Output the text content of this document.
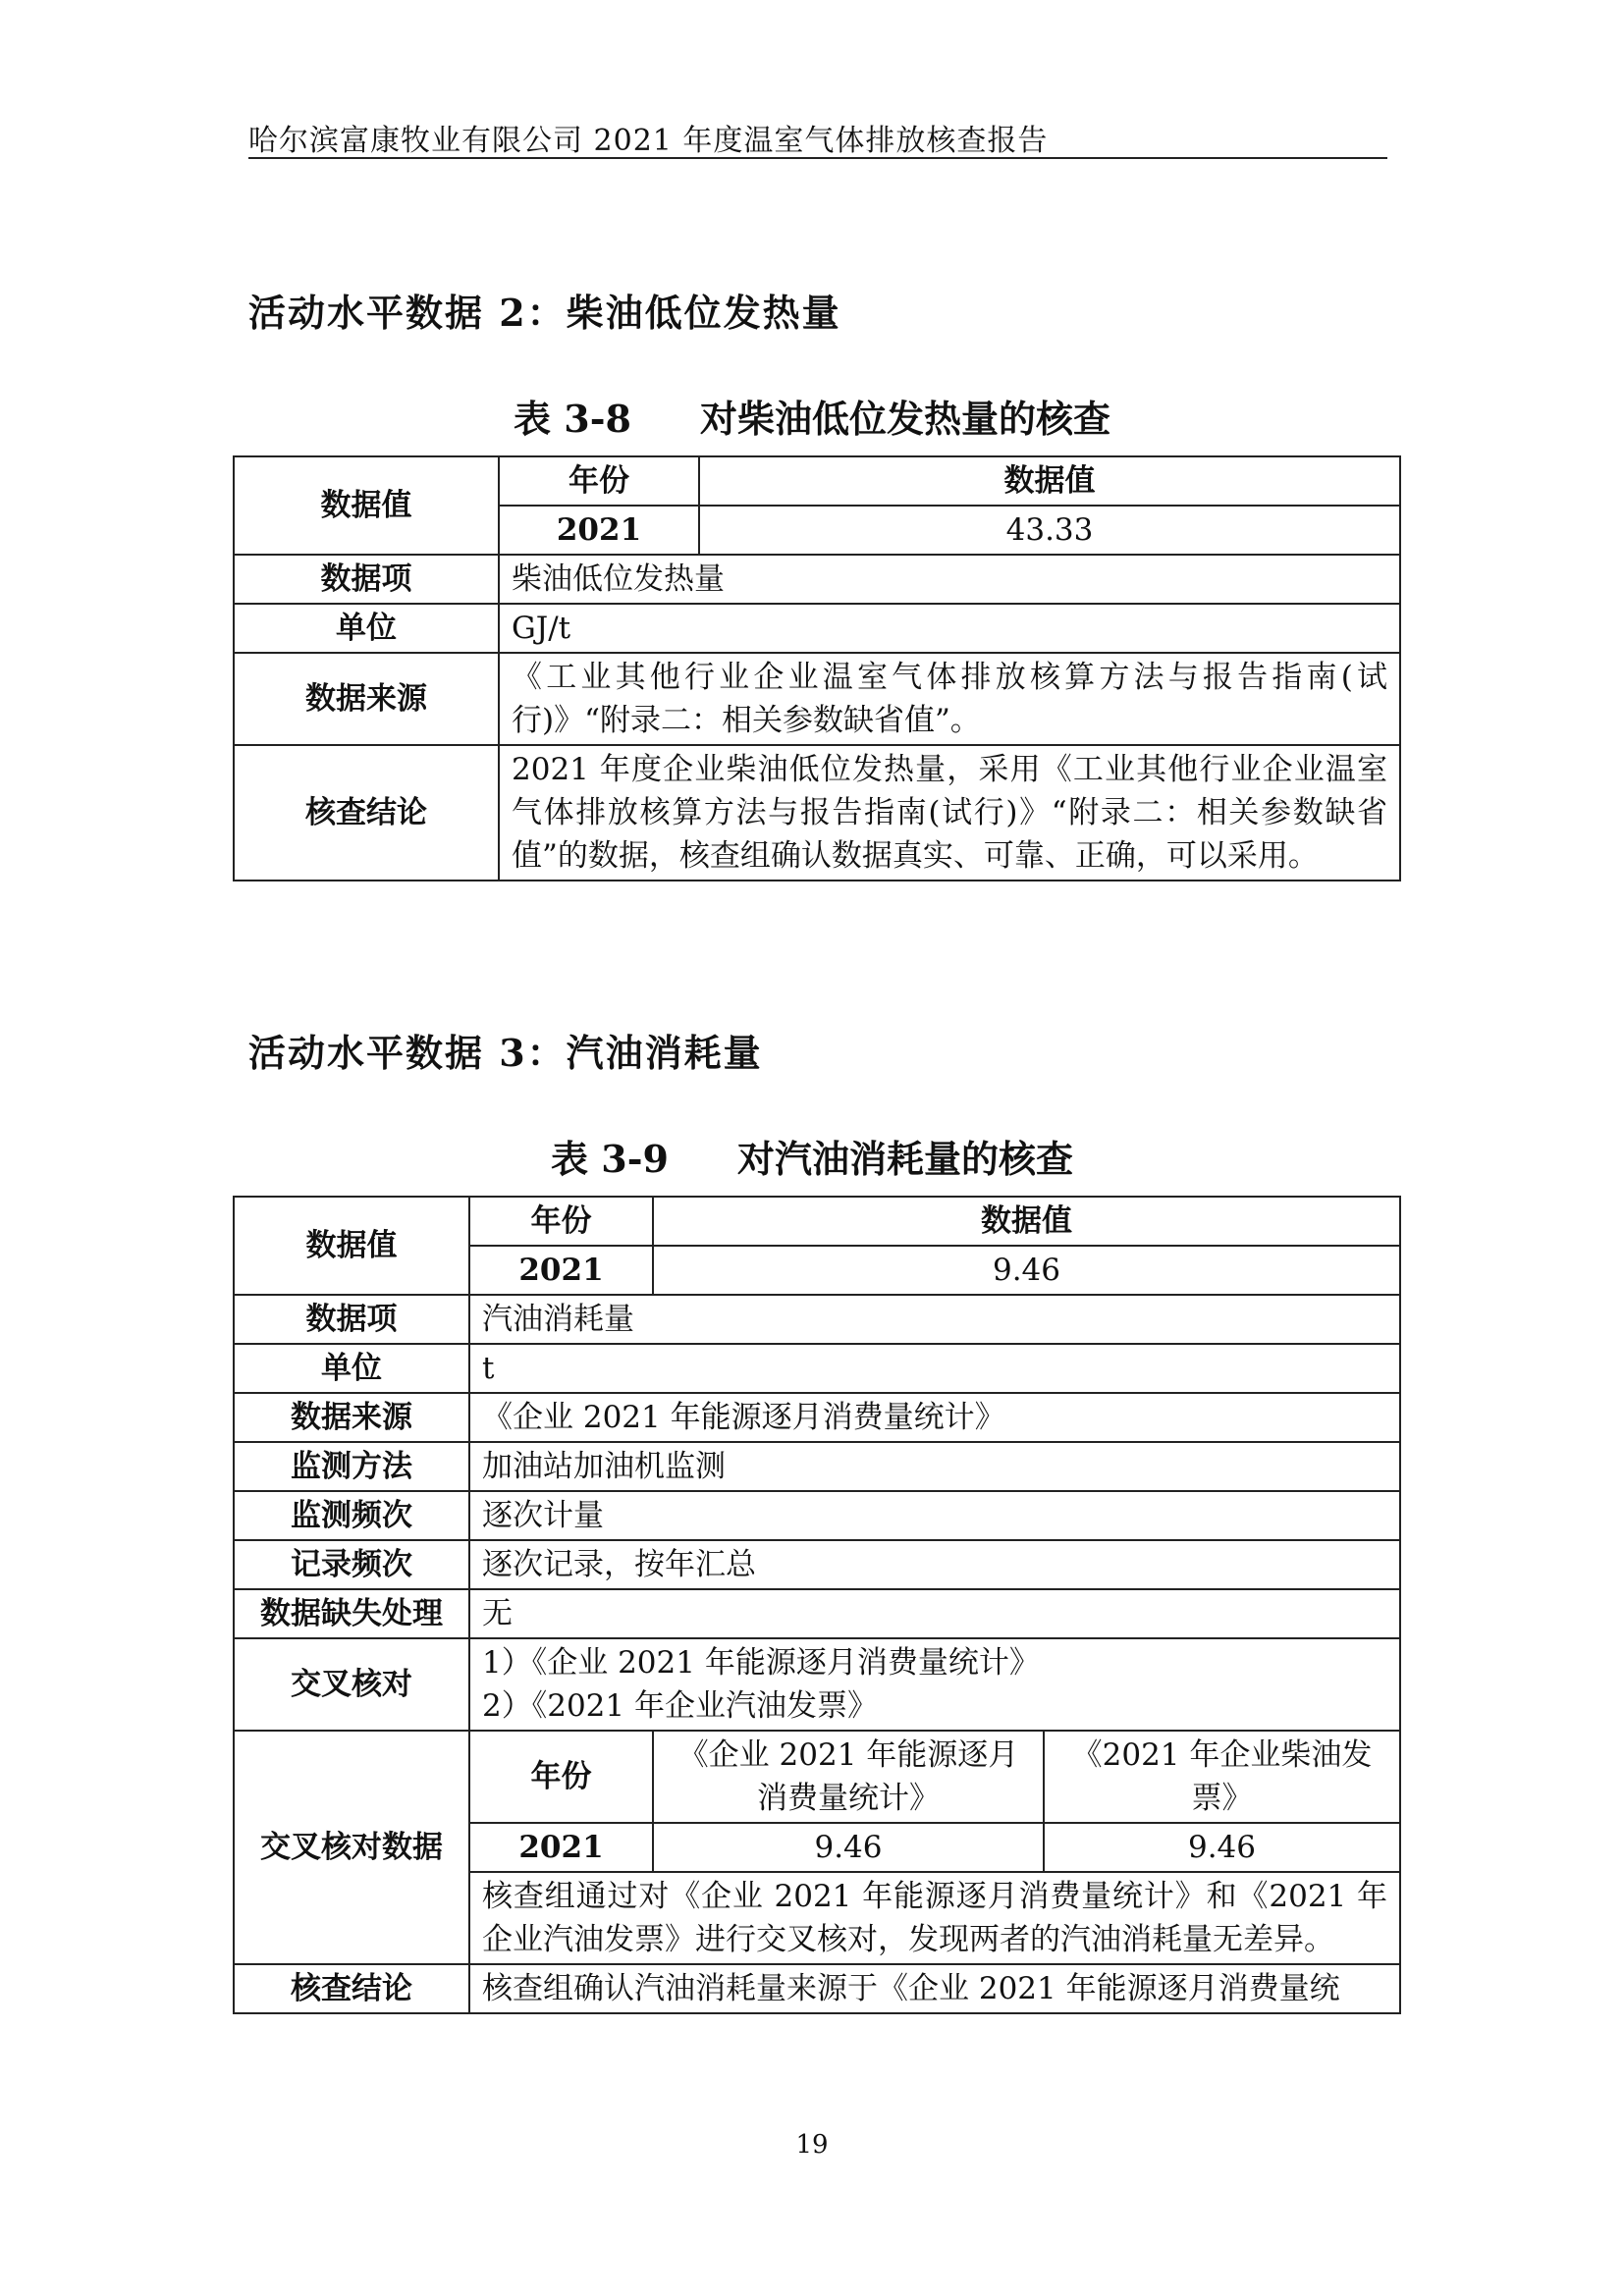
哈尔滨富康牧业有限公司 2021 年度温室气体排放核查报告
活动水平数据 2：柴油低位发热量
表 3-8 对柴油低位发热量的核查
数据值	年份	数据值
	2021	43.33
数据项	柴油低位发热量	
单位	GJ/t	
数据来源	《工业其他行业企业温室气体排放核算方法与报告指南(试行)》“附录二：相关参数缺省值”。	
核查结论	2021 年度企业柴油低位发热量，采用《工业其他行业企业温室气体排放核算方法与报告指南(试行)》“附录二：相关参数缺省值”的数据，核查组确认数据真实、可靠、正确，可以采用。	
活动水平数据 3：汽油消耗量
表 3-9 对汽油消耗量的核查
数据值	年份	数据值	
	2021	9.46	
数据项	汽油消耗量		
单位	t		
数据来源	《企业 2021 年能源逐月消费量统计》		
监测方法	加油站加油机监测		
监测频次	逐次计量		
记录频次	逐次记录，按年汇总		
数据缺失处理	无		
交叉核对	1）《企业 2021 年能源逐月消费量统计》
2）《2021 年企业汽油发票》		

交叉核对数据	年份	《企业 2021 年能源逐月消费量统计》	《2021 年企业柴油发票》
	2021	9.46	9.46
	核查组通过对《企业 2021 年能源逐月消费量统计》和《2021 年企业汽油发票》进行交叉核对，发现两者的汽油消耗量无差异。		
核查结论	核查组确认汽油消耗量来源于《企业 2021 年能源逐月消费量统		
19
